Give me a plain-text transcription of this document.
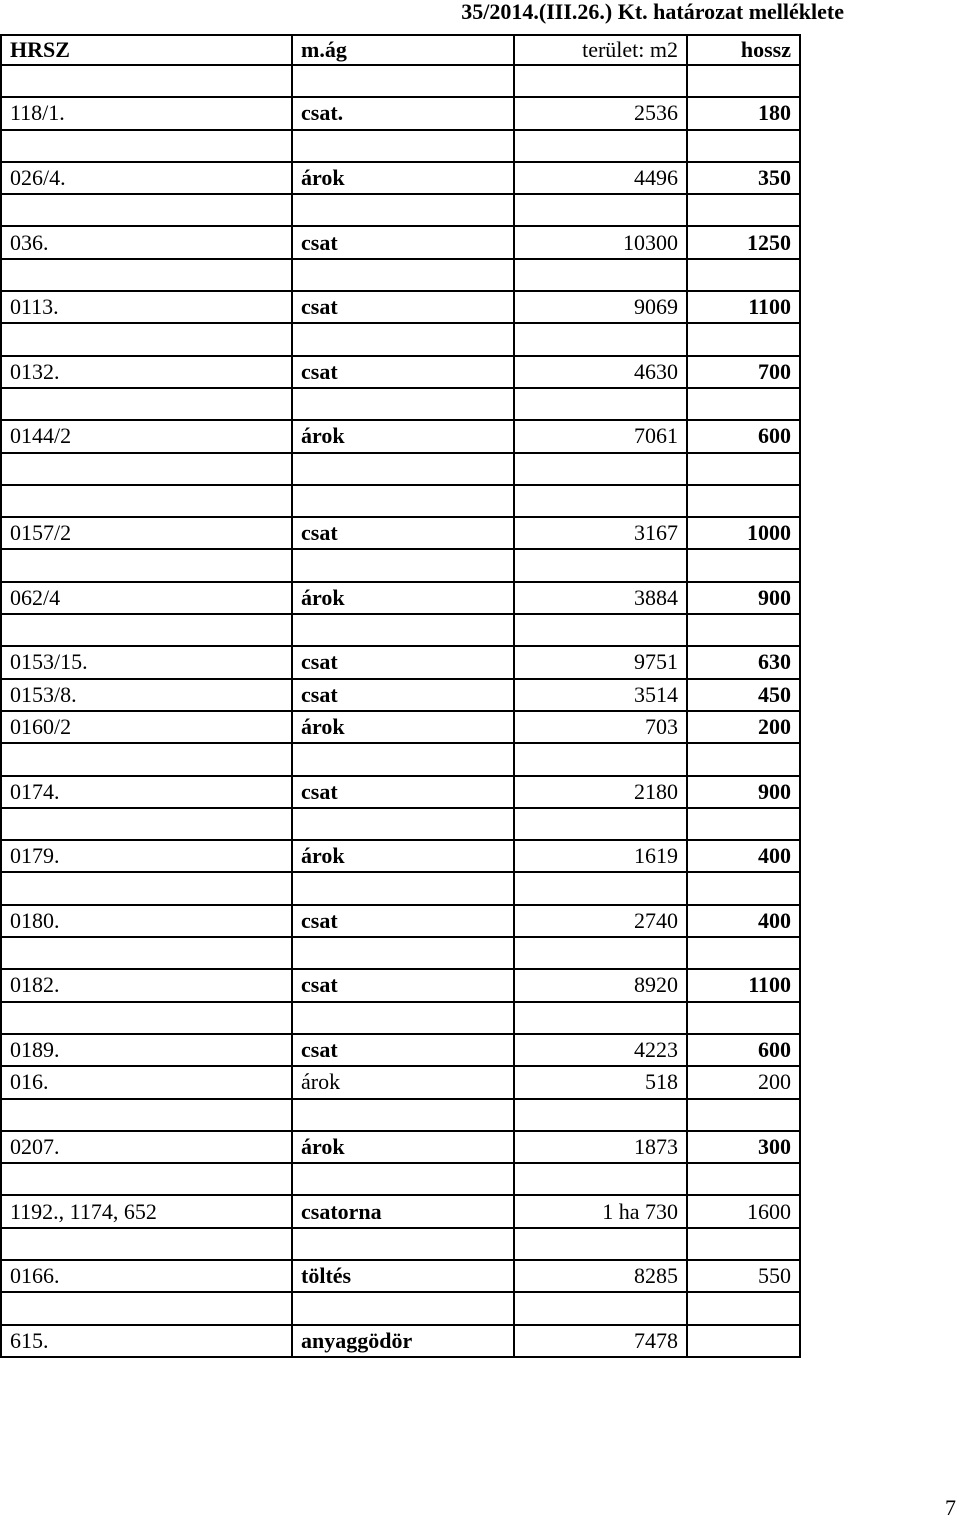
35/2014.(III.26.) Kt. határozat melléklete
HRSZ	m.ág	terület: m2	hossz

118/1.	csat.	2536	180

026/4.	árok	4496	350

036.	csat	10300	1250

0113.	csat	9069	1100

0132.	csat	4630	700

0144/2	árok	7061	600

0157/2	csat	3167	1000

062/4	árok	3884	900

0153/15.	csat	9751	630
0153/8.	csat	3514	450
0160/2	árok	703	200

0174.	csat	2180	900

0179.	árok	1619	400

0180.	csat	2740	400

0182.	csat	8920	1100

0189.	csat	4223	600
016.	árok	518	200

0207.	árok	1873	300

1192., 1174, 652	csatorna	1 ha 730	1600

0166.	töltés	8285	550

615.	anyaggödör	7478	
7
